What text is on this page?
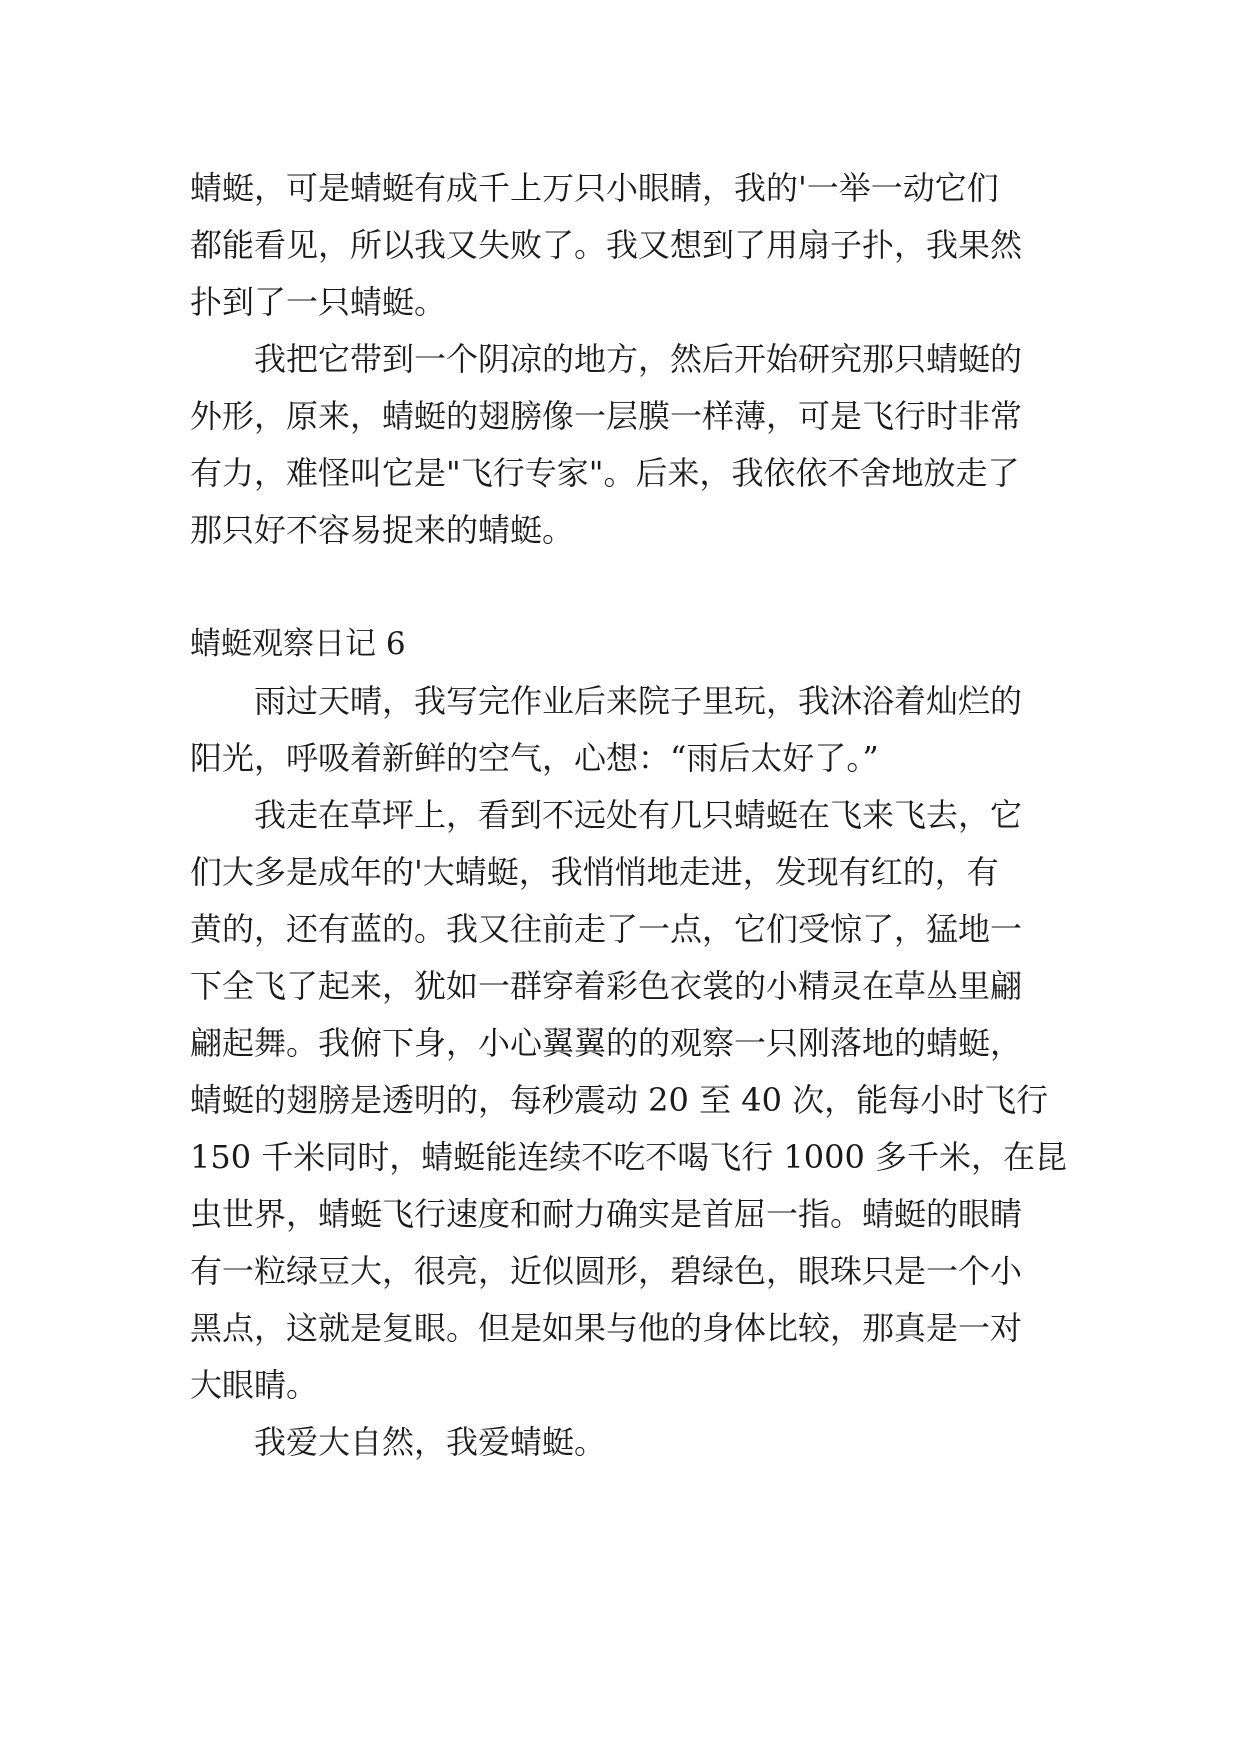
蜻蜓，可是蜻蜓有成千上万只小眼睛，我的'一举一动它们

都能看见，所以我又失败了。我又想到了用扇子扑，我果然

扑到了一只蜻蜓。

我把它带到一个阴凉的地方，然后开始研究那只蜻蜓的

外形，原来，蜻蜓的翅膀像一层膜一样薄，可是飞行时非常

有力，难怪叫它是"飞行专家"。后来，我依依不舍地放走了

那只好不容易捉来的蜻蜓。

蜻蜓观察日记 6

雨过天晴，我写完作业后来院子里玩，我沐浴着灿烂的

阳光，呼吸着新鲜的空气，心想：“雨后太好了。”

我走在草坪上，看到不远处有几只蜻蜓在飞来飞去，它

们大多是成年的'大蜻蜓，我悄悄地走进，发现有红的，有

黄的，还有蓝的。我又往前走了一点，它们受惊了，猛地一

下全飞了起来，犹如一群穿着彩色衣裳的小精灵在草丛里翩

翩起舞。我俯下身，小心翼翼的的观察一只刚落地的蜻蜓，

蜻蜓的翅膀是透明的，每秒震动 20 至 40 次，能每小时飞行

150 千米同时，蜻蜓能连续不吃不喝飞行 1000 多千米，在昆

虫世界，蜻蜓飞行速度和耐力确实是首屈一指。蜻蜓的眼睛

有一粒绿豆大，很亮，近似圆形，碧绿色，眼珠只是一个小

黑点，这就是复眼。但是如果与他的身体比较，那真是一对

大眼睛。

我爱大自然，我爱蜻蜓。
